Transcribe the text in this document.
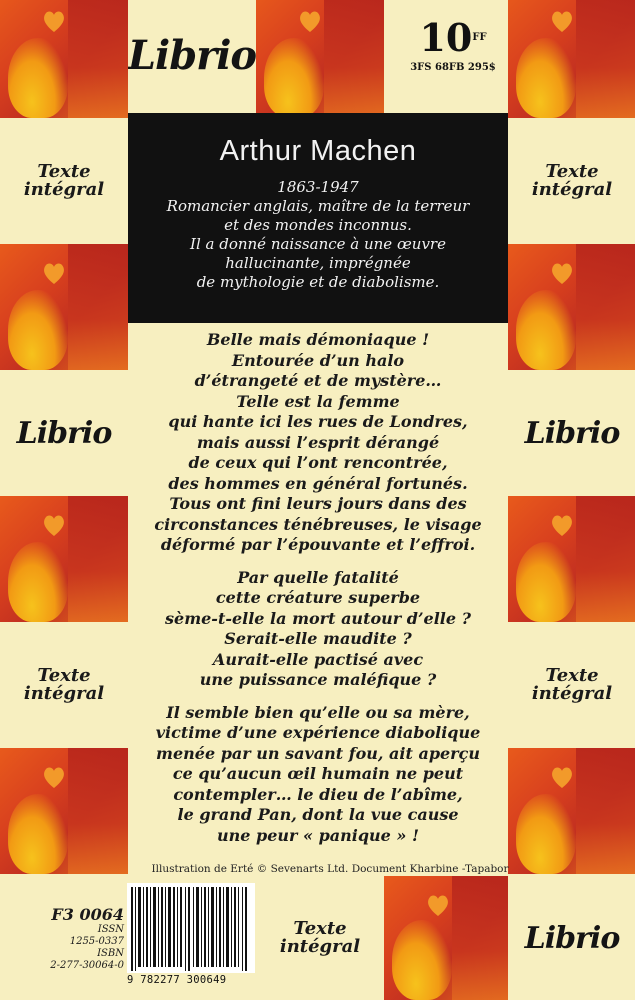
Librio	$10^{FF}$
3FS 68FB 295$
Texte
intégral
Texte
intégral
Librio	Librio
Texte
intégral
Texte
intégral
Texte
intégral	Librio
Arthur Machen
1863-1947
Romancier anglais, maître de la terreur
et des mondes inconnus.
Il a donné naissance à une œuvre
hallucinante, imprégnée
de mythologie et de diabolisme.
Belle mais démoniaque !
Entourée d’un halo
d’étrangeté et de mystère…
Telle est la femme
qui hante ici les rues de Londres,
mais aussi l’esprit dérangé
de ceux qui l’ont rencontrée,
des hommes en général fortunés.
Tous ont fini leurs jours dans des
circonstances ténébreuses, le visage
déformé par l’épouvante et l’effroi.
Par quelle fatalité
cette créature superbe
sème-t-elle la mort autour d’elle ?
Serait-elle maudite ?
Aurait-elle pactisé avec
une puissance maléfique ?
Il semble bien qu’elle ou sa mère,
victime d’une expérience diabolique
menée par un savant fou, ait aperçu
ce qu’aucun œil humain ne peut
contempler… le dieu de l’abîme,
le grand Pan, dont la vue cause
une peur « panique » !
Illustration de Erté © Sevenarts Ltd. Document Kharbine -Tapabor
F3 0064
ISSN
1255-0337
ISBN
2-277-30064-0
9 782277 300649
